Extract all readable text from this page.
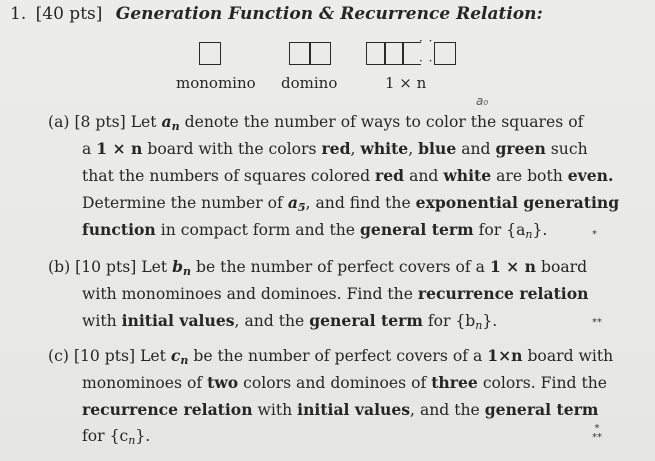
1. [40 pts] Generation Function & Recurrence Relation:
· ·
· ·
monomino domino	1 × n
a₀
(a) [8 pts] Let an denote the number of ways to color the squares of
a 1 × n board with the colors red, white, blue and green such
that the numbers of squares colored red and white are both even.
Determine the number of a5, and find the exponential generating
function in compact form and the general term for {an}.	*
(b) [10 pts] Let bn be the number of perfect covers of a 1 × n board
with monominoes and dominoes. Find the recurrence relation
with initial values, and the general term for {bn}.	**
(c) [10 pts] Let cn be the number of perfect covers of a 1×n board with
monominoes of two colors and dominoes of three colors. Find the
recurrence relation with initial values, and the general term
for {cn}.	*
**
